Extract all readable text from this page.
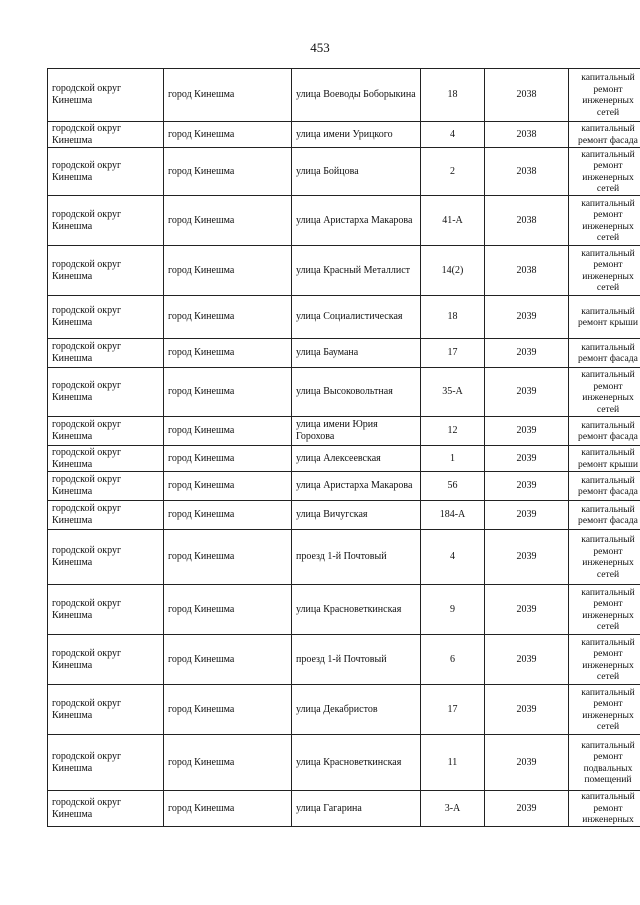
453
городской округ Кинешма	город Кинешма	улица Воеводы Боборыкина	18	2038	капитальный ремонт инженерных сетей
городской округ Кинешма	город Кинешма	улица имени Урицкого	4	2038	капитальный ремонт фасада
городской округ Кинешма	город Кинешма	улица Бойцова	2	2038	капитальный ремонт инженерных сетей
городской округ Кинешма	город Кинешма	улица Аристарха Макарова	41-А	2038	капитальный ремонт инженерных сетей
городской округ Кинешма	город Кинешма	улица Красный Металлист	14(2)	2038	капитальный ремонт инженерных сетей
городской округ Кинешма	город Кинешма	улица Социалистическая	18	2039	капитальный ремонт крыши
городской округ Кинешма	город Кинешма	улица Баумана	17	2039	капитальный ремонт фасада
городской округ Кинешма	город Кинешма	улица Высоковольтная	35-А	2039	капитальный ремонт инженерных сетей
городской округ Кинешма	город Кинешма	улица имени Юрия Горохова	12	2039	капитальный ремонт фасада
городской округ Кинешма	город Кинешма	улица Алексеевская	1	2039	капитальный ремонт крыши
городской округ Кинешма	город Кинешма	улица Аристарха Макарова	56	2039	капитальный ремонт фасада
городской округ Кинешма	город Кинешма	улица Вичугская	184-А	2039	капитальный ремонт фасада
городской округ Кинешма	город Кинешма	проезд 1-й Почтовый	4	2039	капитальный ремонт инженерных сетей
городской округ Кинешма	город Кинешма	улица Красноветкинская	9	2039	капитальный ремонт инженерных сетей
городской округ Кинешма	город Кинешма	проезд 1-й Почтовый	6	2039	капитальный ремонт инженерных сетей
городской округ Кинешма	город Кинешма	улица Декабристов	17	2039	капитальный ремонт инженерных сетей
городской округ Кинешма	город Кинешма	улица Красноветкинская	11	2039	капитальный ремонт подвальных помещений
городской округ Кинешма	город Кинешма	улица Гагарина	3-А	2039	капитальный ремонт инженерных
